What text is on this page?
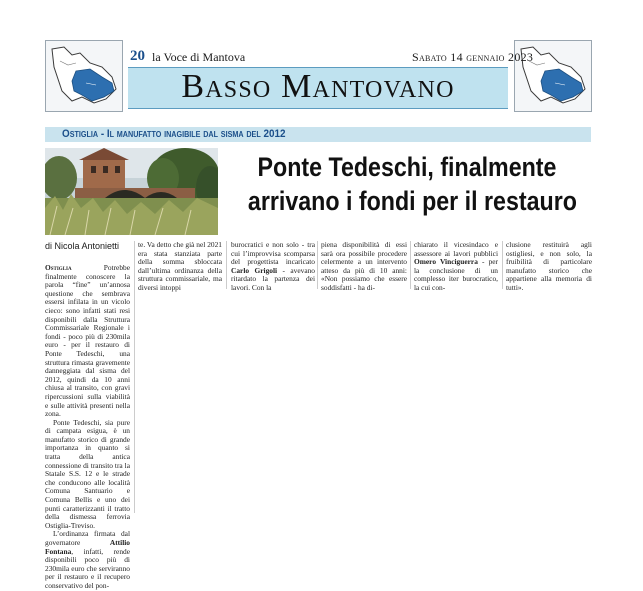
20 la Voce di Mantova	Sabato 14 gennaio 2023
Basso Mantovano
Ostiglia - Il manufatto inagibile dal sisma del 2012
Ponte Tedeschi, finalmente
arrivano i fondi per il restauro
di Nicola Antonietti

Ostiglia	Potrebbe finalmente conoscere la parola “fine” un’annosa questione che sembrava essersi infilata in un vicolo cieco: sono infatti stati resi disponibili dalla Struttura Commissariale Regionale i fondi - poco più di 230mila euro - per il restauro di Ponte Tedeschi, una struttura rimasta gravemente danneggiata dal sisma del 2012, quindi da 10 anni chiusa al transito, con gravi ripercussioni sulla viabilità e sulle attività presenti nella zona.

Ponte Tedeschi, sia pure di campata esigua, è un manufatto storico di grande importanza in quanto si tratta della antica connessione di transito tra la Statale S.S. 12 e le strade che conducono alle località Comuna Santuario e Comuna Bellis e uno dei punti caratterizzanti il tratto della dismessa ferrovia Ostiglia-Treviso.

L’ordinanza firmata dal governatore Attilio Fontana, infatti, rende disponibili poco più di 230mila euro che serviranno per il restauro e il recupero conservativo del pon-

te. Va detto che già nel 2021 era stata stanziata parte della somma sbloccata dall’ultima ordinanza della struttura commissariale, ma diversi intoppi

burocratici e non solo - tra cui l’improvvisa scomparsa del progettista incaricato Carlo Grigoli - avevano ritardato la partenza dei lavori. Con la

piena disponibilità di essi sarà ora possibile procedere celermente a un intervento atteso da più di 10 anni: «Non possiamo che essere soddisfatti - ha di-

chiarato il vicesindaco e assessore ai lavori pubblici Omero Vinciguerra - per la conclusione di un complesso iter burocratico, la cui con-

clusione restituirà agli ostigliesi, e non solo, la fruibilità di particolare manufatto storico che appartiene alla memoria di tutti».
